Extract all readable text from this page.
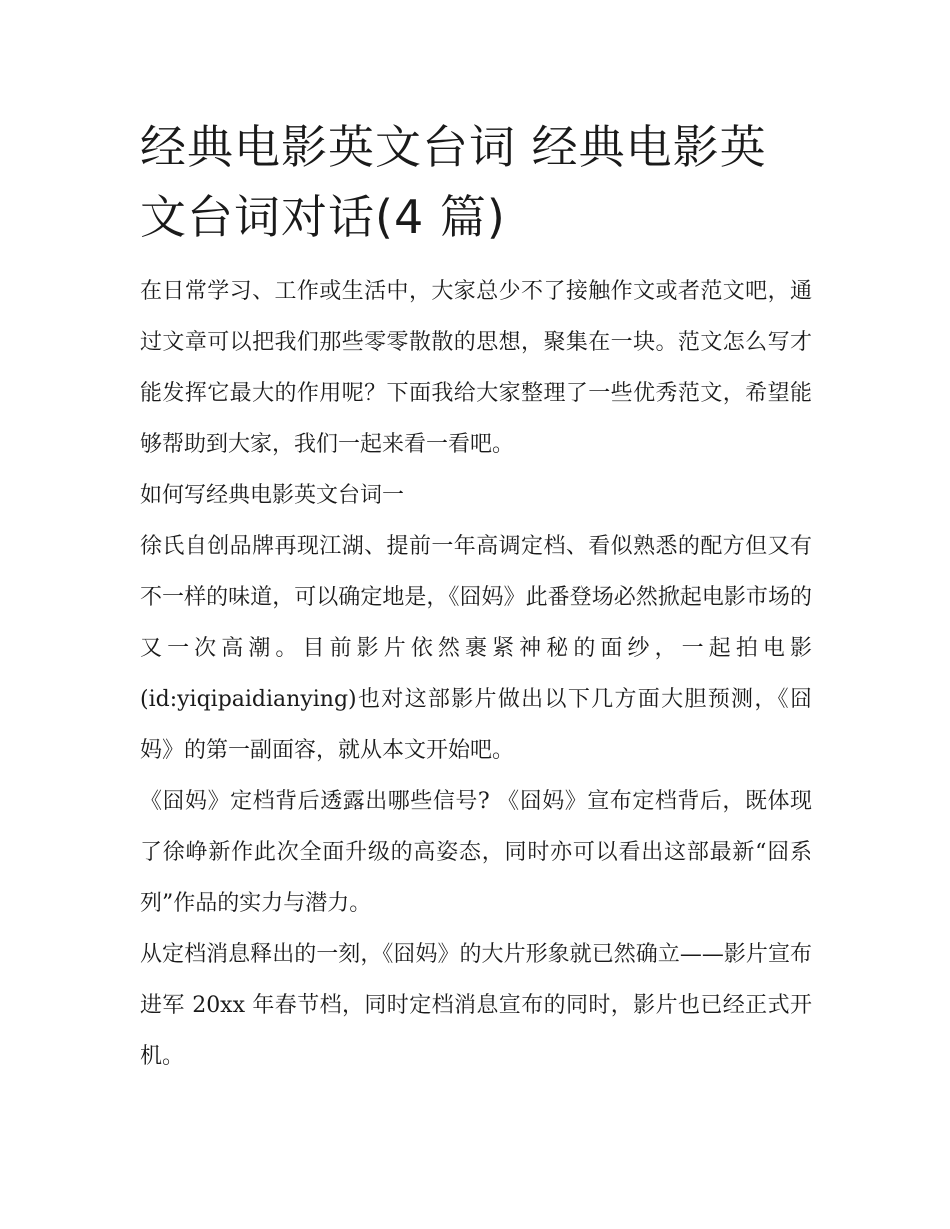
经典电影英文台词 经典电影英文台词对话(4 篇)

在日常学习、工作或生活中，大家总少不了接触作文或者范文吧，通过文章可以把我们那些零零散散的思想，聚集在一块。范文怎么写才能发挥它最大的作用呢？下面我给大家整理了一些优秀范文，希望能够帮助到大家，我们一起来看一看吧。

如何写经典电影英文台词一

徐氏自创品牌再现江湖、提前一年高调定档、看似熟悉的配方但又有不一样的味道，可以确定地是，《囧妈》此番登场必然掀起电影市场的又一次高潮。目前影片依然裹紧神秘的面纱，一起拍电影(id:yiqipaidianying)也对这部影片做出以下几方面大胆预测，《囧妈》的第一副面容，就从本文开始吧。

《囧妈》定档背后透露出哪些信号? 《囧妈》宣布定档背后，既体现了徐峥新作此次全面升级的高姿态，同时亦可以看出这部最新“囧系列”作品的实力与潜力。

从定档消息释出的一刻，《囧妈》的大片形象就已然确立——影片宣布进军 20xx 年春节档，同时定档消息宣布的同时，影片也已经正式开机。
